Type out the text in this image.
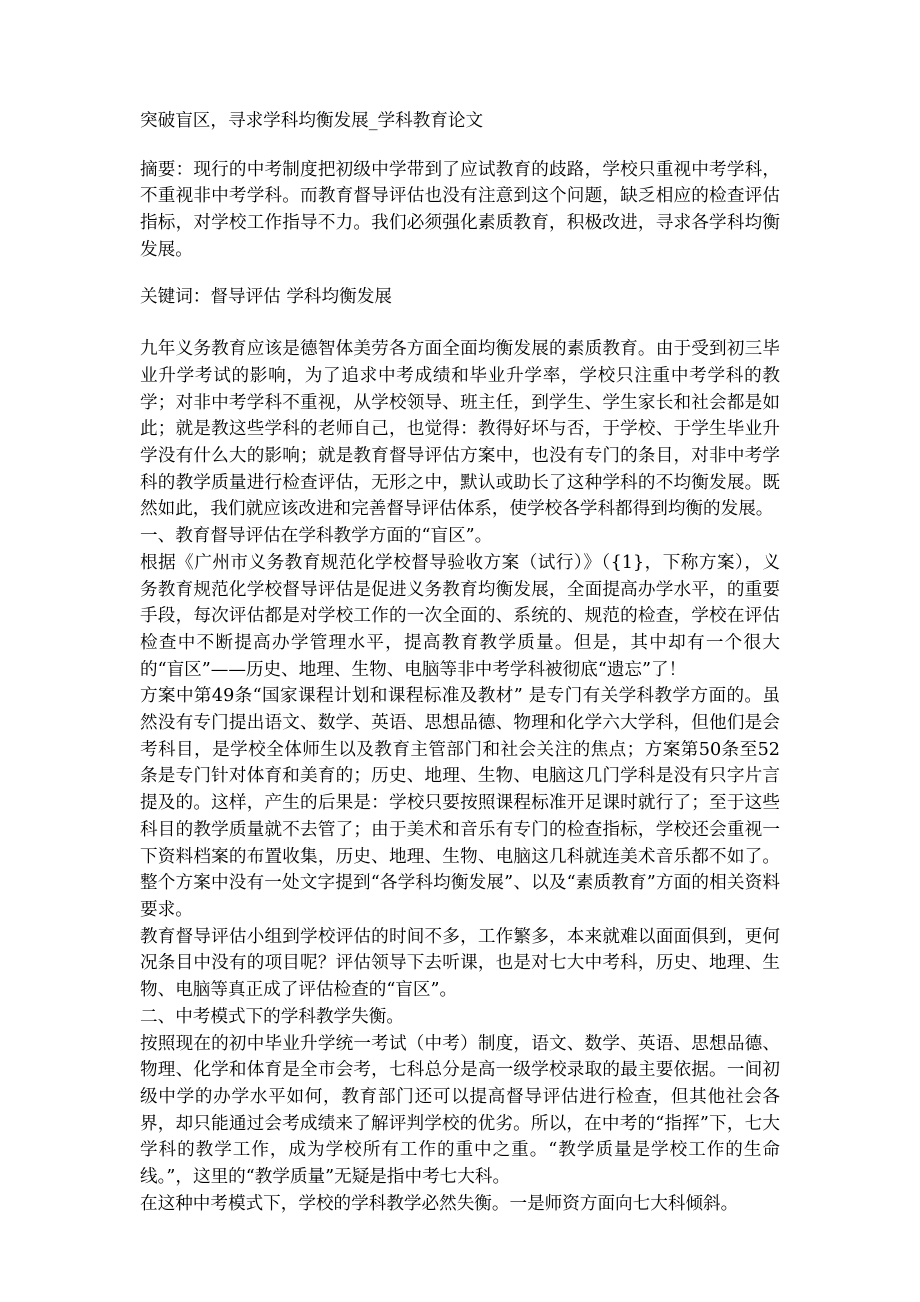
突破盲区，寻求学科均衡发展_学科教育论文

摘要：现行的中考制度把初级中学带到了应试教育的歧路，学校只重视中考学科，不重视非中考学科。而教育督导评估也没有注意到这个问题，缺乏相应的检查评估指标，对学校工作指导不力。我们必须强化素质教育，积极改进，寻求各学科均衡发展。

关键词：督导评估 学科均衡发展

九年义务教育应该是德智体美劳各方面全面均衡发展的素质教育。由于受到初三毕业升学考试的影响，为了追求中考成绩和毕业升学率，学校只注重中考学科的教学；对非中考学科不重视，从学校领导、班主任，到学生、学生家长和社会都是如此；就是教这些学科的老师自己，也觉得：教得好坏与否，于学校、于学生毕业升学没有什么大的影响；就是教育督导评估方案中，也没有专门的条目，对非中考学科的教学质量进行检查评估，无形之中，默认或助长了这种学科的不均衡发展。既然如此，我们就应该改进和完善督导评估体系，使学校各学科都得到均衡的发展。

一、教育督导评估在学科教学方面的“盲区”。

根据《广州市义务教育规范化学校督导验收方案（试行）》（{1}，下称方案），义务教育规范化学校督导评估是促进义务教育均衡发展，全面提高办学水平，的重要手段，每次评估都是对学校工作的一次全面的、系统的、规范的检查，学校在评估检查中不断提高办学管理水平，提高教育教学质量。但是，其中却有一个很大的“盲区”——历史、地理、生物、电脑等非中考学科被彻底“遗忘”了！

方案中第49条“国家课程计划和课程标准及教材” 是专门有关学科教学方面的。虽然没有专门提出语文、数学、英语、思想品德、物理和化学六大学科，但他们是会考科目，是学校全体师生以及教育主管部门和社会关注的焦点；方案第50条至52条是专门针对体育和美育的；历史、地理、生物、电脑这几门学科是没有只字片言提及的。这样，产生的后果是：学校只要按照课程标准开足课时就行了；至于这些科目的教学质量就不去管了；由于美术和音乐有专门的检查指标，学校还会重视一下资料档案的布置收集，历史、地理、生物、电脑这几科就连美术音乐都不如了。整个方案中没有一处文字提到“各学科均衡发展”、以及“素质教育”方面的相关资料要求。

教育督导评估小组到学校评估的时间不多，工作繁多，本来就难以面面俱到，更何况条目中没有的项目呢？评估领导下去听课，也是对七大中考科，历史、地理、生物、电脑等真正成了评估检查的“盲区”。

二、中考模式下的学科教学失衡。

按照现在的初中毕业升学统一考试（中考）制度，语文、数学、英语、思想品德、物理、化学和体育是全市会考，七科总分是高一级学校录取的最主要依据。一间初级中学的办学水平如何，教育部门还可以提高督导评估进行检查，但其他社会各界，却只能通过会考成绩来了解评判学校的优劣。所以，在中考的“指挥”下，七大学科的教学工作，成为学校所有工作的重中之重。“教学质量是学校工作的生命线。”，这里的“教学质量”无疑是指中考七大科。

在这种中考模式下，学校的学科教学必然失衡。一是师资方面向七大科倾斜。
